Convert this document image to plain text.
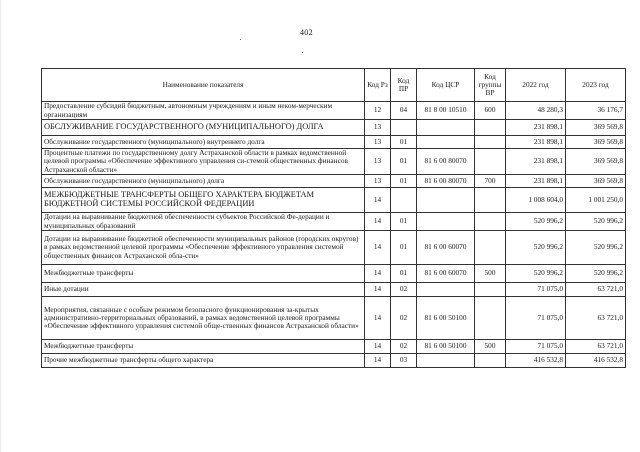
402
Наименование показателя	Код Рз	Код ПР	Код ЦСР	Код группы ВР	2022 год	2023 год
Предоставление субсидий бюджетным, автономным учреждениям и иным неком-мерческим организациям	12	04	81 8 00 10510	600	48 280,3	36 176,7
ОБСЛУЖИВАНИЕ ГОСУДАРСТВЕННОГО (МУНИЦИПАЛЬНОГО) ДОЛГА	13				231 898,1	369 569,8
Обслуживание государственного (муниципального) внутреннего долга	13	01			231 898,1	369 569,8
Процентные платежи по государственному долгу Астраханской области в рамках ведомственной целевой программы «Обеспечение эффективного управления си-стемой общественных финансов Астраханской области»	13	01	81 6 00 80070		231 898,1	369 569,8
Обслуживание государственного (муниципального) долга	13	01	81 6 00 80070	700	231 898,1	369 569,8
МЕЖБЮДЖЕТНЫЕ ТРАНСФЕРТЫ ОБЩЕГО ХАРАКТЕРА БЮДЖЕТАМ БЮДЖЕТНОЙ СИСТЕМЫ РОССИЙСКОЙ ФЕДЕРАЦИИ	14				1 008 604,0	1 001 250,0
Дотации на выравнивание бюджетной обеспеченности субъектов Российской Фе-дерации и муниципальных образований	14	01			520 996,2	520 996,2
Дотации на выравнивание бюджетной обеспеченности муниципальных районов (городских округов) в рамках ведомственной целевой программы «Обеспечение эффективного управления системой общественных финансов Астраханской обла-сти»	14	01	81 6 00 60070		520 996,2	520 996,2
Межбюджетные трансферты	14	01	81 6 00 60070	500	520 996,2	520 996,2
Иные дотации	14	02			71 075,0	63 721,0
Мероприятия, связанные с особым режимом безопасного функционирования за-крытых административно-территориальных образований, в рамках ведомственной целевой программы «Обеспечение эффективного управления системой обще-ственных финансов Астраханской области»	14	02	81 6 00 50100		71 075,0	63 721,0
Межбюджетные трансферты	14	02	81 6 00 50100	500	71 075,0	63 721,0
Прочие межбюджетные трансферты общего характера	14	03			416 532,8	416 532,8
